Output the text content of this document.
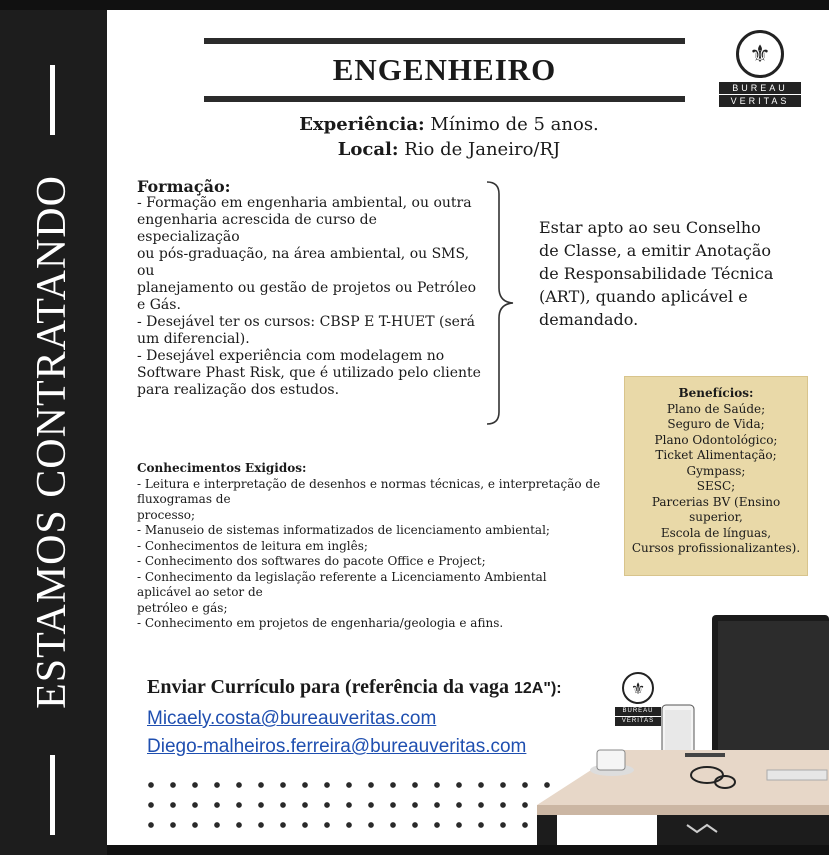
ESTAMOS CONTRATANDO
ENGENHEIRO	⚜
BUREAU
VERITAS
Experiência: Mínimo de 5 anos.
Local: Rio de Janeiro/RJ
Formação:
- Formação em engenharia ambiental, ou outra
engenharia acrescida de curso de
especialização
ou pós-graduação, na área ambiental, ou SMS,
ou
planejamento ou gestão de projetos ou Petróleo
e Gás.
- Desejável ter os cursos: CBSP E T-HUET (será
um diferencial).
- Desejável experiência com modelagem no
Software Phast Risk, que é utilizado pelo cliente
para realização dos estudos.
Estar apto ao seu Conselho de Classe, a emitir Anotação de Responsabilidade Técnica (ART), quando aplicável e demandado.
Benefícios:
Plano de Saúde;
Seguro de Vida;
Plano Odontológico;
Ticket Alimentação;
Gympass;
SESC;
Parcerias BV (Ensino
superior,
Escola de línguas,
Cursos profissionalizantes).
Conhecimentos Exigidos:
- Leitura e interpretação de desenhos e normas técnicas, e interpretação de
fluxogramas de
processo;
- Manuseio de sistemas informatizados de licenciamento ambiental;
- Conhecimentos de leitura em inglês;
- Conhecimento dos softwares do pacote Office e Project;
- Conhecimento da legislação referente a Licenciamento Ambiental
aplicável ao setor de
petróleo e gás;
- Conhecimento em projetos de engenharia/geologia e afins.
Enviar Currículo para (referência da vaga 12A"):	⚜
BUREAU
VERITAS
Micaely.costa@bureauveritas.com
Diego-malheiros.ferreira@bureauveritas.com
